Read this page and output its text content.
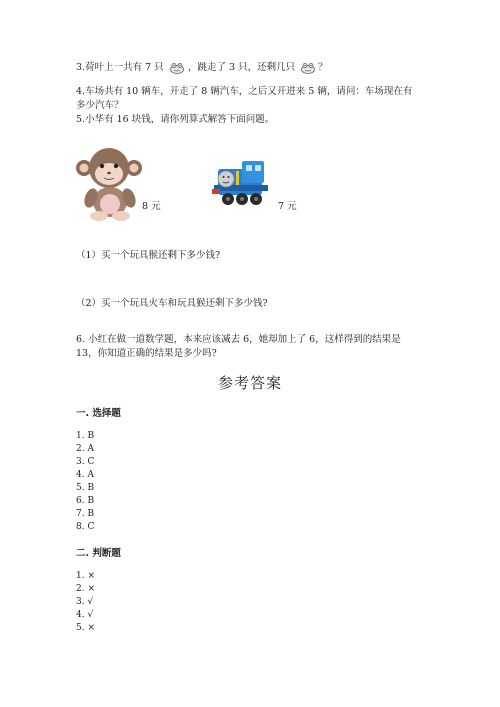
3.荷叶上一共有 7 只	，跳走了 3 只，还剩几只 ？
4.车场共有 10 辆车，开走了 8 辆汽车，之后又开进来 5 辆，请问：车场现在有
多少汽车？
5.小华有 16 块钱，请你列算式解答下面问题。
8 元	7 元
（1）买一个玩具猴还剩下多少钱?
（2）买一个玩具火车和玩具猴还剩下多少钱?
6. 小红在做一道数学题，本来应该减去 6，她却加上了 6，这样得到的结果是
13，你知道正确的结果是多少吗?
参考答案
一. 选择题
1. B
2. A
3. C
4. A
5. B
6. B
7. B
8. C
二. 判断题
1. ×
2. ×
3. √
4. √
5. ×
